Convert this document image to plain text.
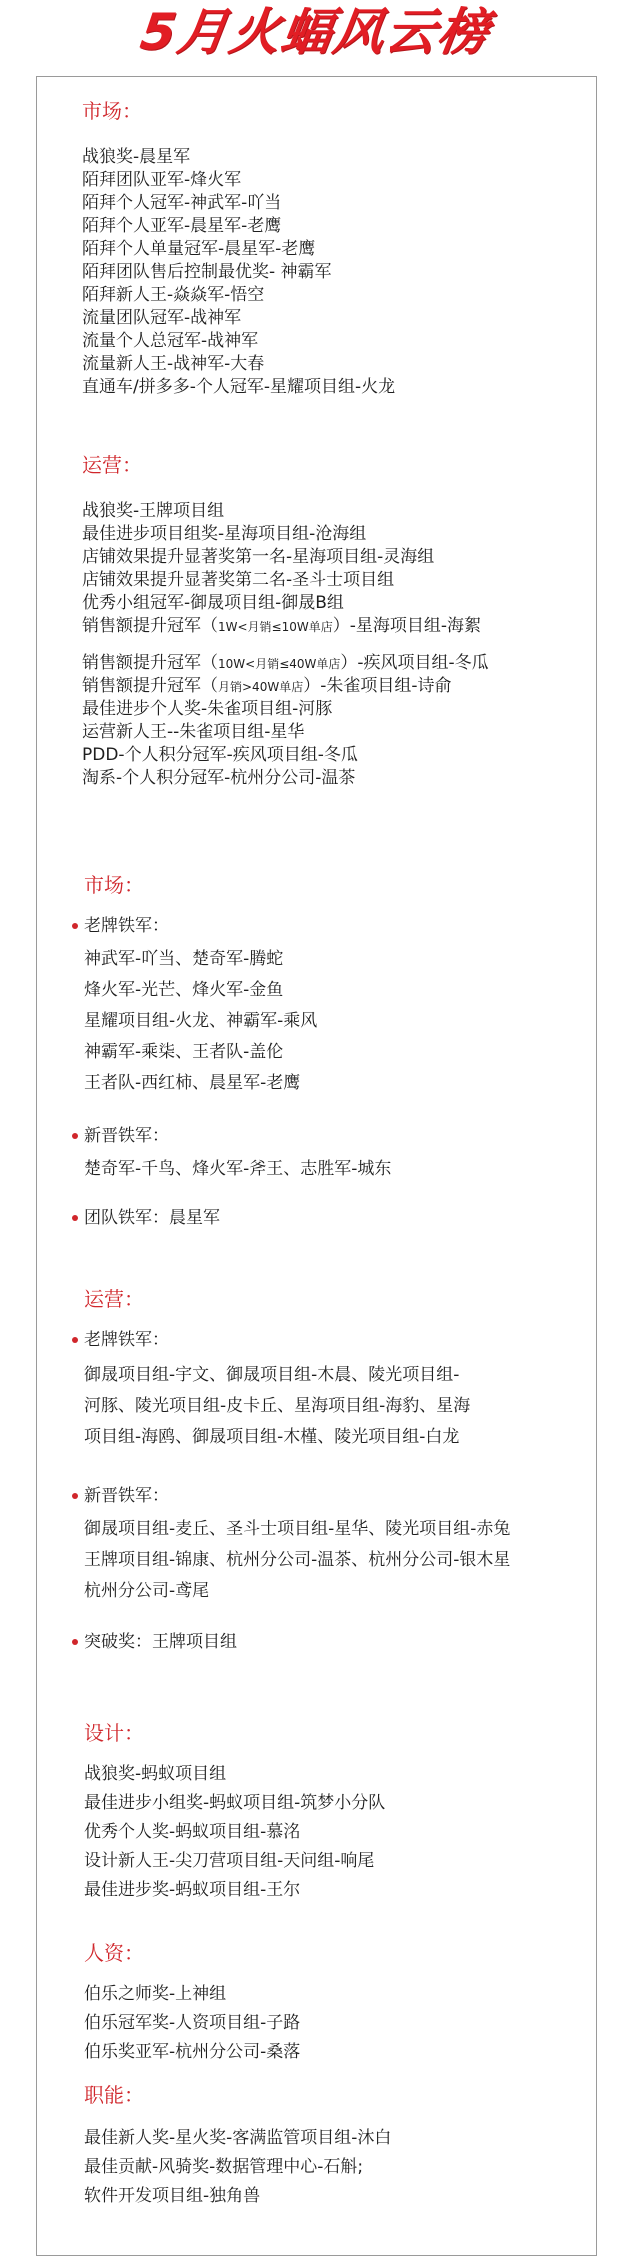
5月火蝠风云榜
市场：
战狼奖-晨星军
陌拜团队亚军-烽火军
陌拜个人冠军-神武军-吖当
陌拜个人亚军-晨星军-老鹰
陌拜个人单量冠军-晨星军-老鹰
陌拜团队售后控制最优奖- 神霸军
陌拜新人王-焱焱军-悟空
流量团队冠军-战神军
流量个人总冠军-战神军
流量新人王-战神军-大春
直通车/拼多多-个人冠军-星耀项目组-火龙
运营：
战狼奖-王牌项目组
最佳进步项目组奖-星海项目组-沧海组
店铺效果提升显著奖第一名-星海项目组-灵海组
店铺效果提升显著奖第二名-圣斗士项目组
优秀小组冠军-御晟项目组-御晟B组
销售额提升冠军（1W<月销≤10W单店）-星海项目组-海絮
销售额提升冠军（10W<月销≤40W单店）-疾风项目组-冬瓜
销售额提升冠军（月销>40W单店）-朱雀项目组-诗俞
最佳进步个人奖-朱雀项目组-河豚
运营新人王--朱雀项目组-星华
PDD-个人积分冠军-疾风项目组-冬瓜
淘系-个人积分冠军-杭州分公司-温茶
市场：
老牌铁军：
神武军-吖当、楚奇军-腾蛇
烽火军-光芒、烽火军-金鱼
星耀项目组-火龙、神霸军-乘风
神霸军-乘柒、王者队-盖伦
王者队-西红柿、晨星军-老鹰
新晋铁军：
楚奇军-千鸟、烽火军-斧王、志胜军-城东
团队铁军：晨星军
运营：
老牌铁军：
御晟项目组-宇文、御晟项目组-木晨、陵光项目组-
河豚、陵光项目组-皮卡丘、星海项目组-海豹、星海
项目组-海鸥、御晟项目组-木槿、陵光项目组-白龙
新晋铁军：
御晟项目组-麦丘、圣斗士项目组-星华、陵光项目组-赤兔
王牌项目组-锦康、杭州分公司-温茶、杭州分公司-银木星
杭州分公司-鸢尾
突破奖：王牌项目组
设计：
战狼奖-蚂蚁项目组
最佳进步小组奖-蚂蚁项目组-筑梦小分队
优秀个人奖-蚂蚁项目组-慕洺
设计新人王-尖刀营项目组-天问组-响尾
最佳进步奖-蚂蚁项目组-王尔
人资：
伯乐之师奖-上神组
伯乐冠军奖-人资项目组-子路
伯乐奖亚军-杭州分公司-桑落
职能：
最佳新人奖-星火奖-客满监管项目组-沐白
最佳贡献-风骑奖-数据管理中心-石斛;
软件开发项目组-独角兽
